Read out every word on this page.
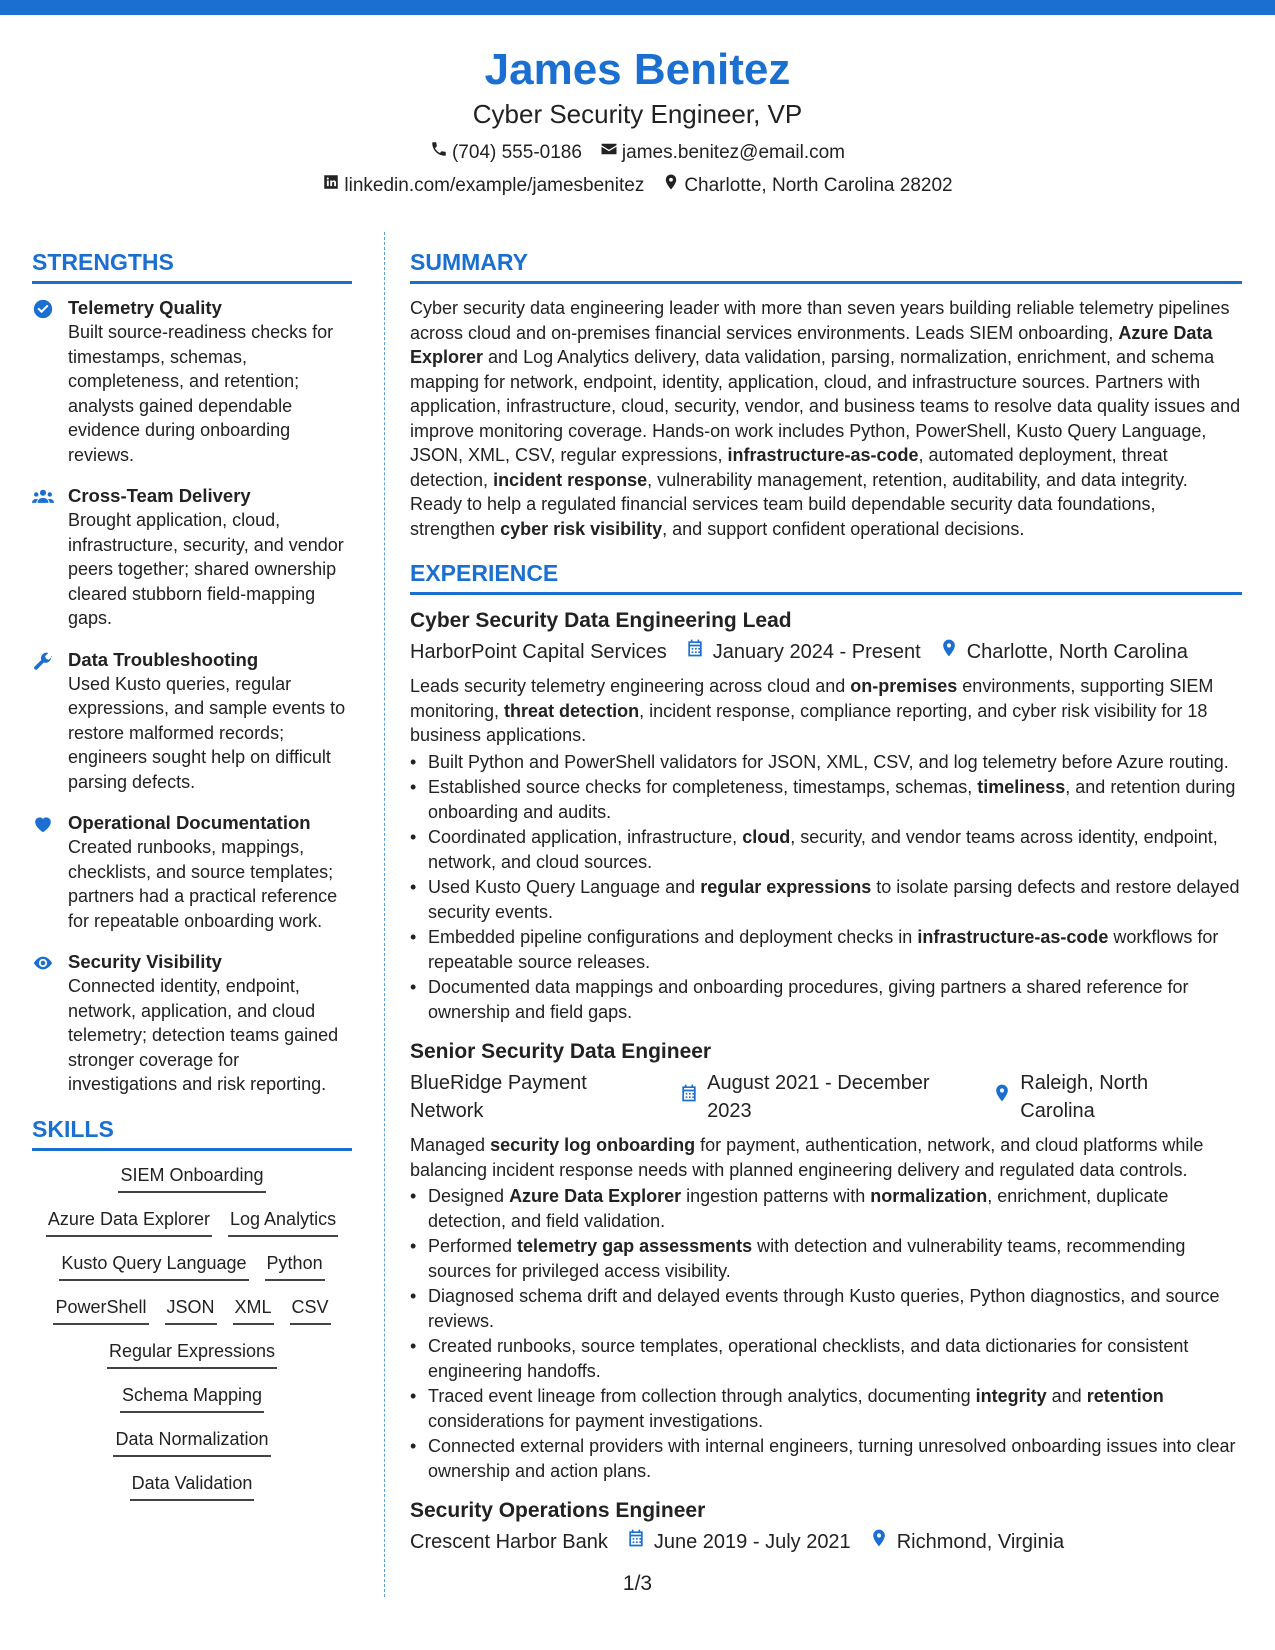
James Benitez
Cyber Security Engineer, VP
(704) 555-0186 james.benitez@email.com
linkedin.com/example/jamesbenitez Charlotte, North Carolina 28202
STRENGTHS
Telemetry Quality
Built source-readiness checks for timestamps, schemas, completeness, and retention; analysts gained dependable evidence during onboarding reviews.
Cross-Team Delivery
Brought application, cloud, infrastructure, security, and vendor peers together; shared ownership cleared stubborn field-mapping gaps.
Data Troubleshooting
Used Kusto queries, regular expressions, and sample events to restore malformed records; engineers sought help on difficult parsing defects.
Operational Documentation
Created runbooks, mappings, checklists, and source templates; partners had a practical reference for repeatable onboarding work.
Security Visibility
Connected identity, endpoint, network, application, and cloud telemetry; detection teams gained stronger coverage for investigations and risk reporting.
SKILLS
SIEM Onboarding
Azure Data Explorer Log Analytics
Kusto Query Language Python
PowerShell JSON XML CSV
Regular Expressions
Schema Mapping
Data Normalization
Data Validation
SUMMARY
Cyber security data engineering leader with more than seven years building reliable telemetry pipelines across cloud and on-premises financial services environments. Leads SIEM onboarding, Azure Data Explorer and Log Analytics delivery, data validation, parsing, normalization, enrichment, and schema mapping for network, endpoint, identity, application, cloud, and infrastructure sources. Partners with application, infrastructure, cloud, security, vendor, and business teams to resolve data quality issues and improve monitoring coverage. Hands-on work includes Python, PowerShell, Kusto Query Language, JSON, XML, CSV, regular expressions, infrastructure-as-code, automated deployment, threat detection, incident response, vulnerability management, retention, auditability, and data integrity. Ready to help a regulated financial services team build dependable security data foundations, strengthen cyber risk visibility, and support confident operational decisions.
EXPERIENCE
Cyber Security Data Engineering Lead
HarborPoint Capital Services January 2024 - Present Charlotte, North Carolina
Leads security telemetry engineering across cloud and on-premises environments, supporting SIEM monitoring, threat detection, incident response, compliance reporting, and cyber risk visibility for 18 business applications.
• Built Python and PowerShell validators for JSON, XML, CSV, and log telemetry before Azure routing.
• Established source checks for completeness, timestamps, schemas, timeliness, and retention during onboarding and audits.
• Coordinated application, infrastructure, cloud, security, and vendor teams across identity, endpoint, network, and cloud sources.
• Used Kusto Query Language and regular expressions to isolate parsing defects and restore delayed security events.
• Embedded pipeline configurations and deployment checks in infrastructure-as-code workflows for repeatable source releases.
• Documented data mappings and onboarding procedures, giving partners a shared reference for ownership and field gaps.
Senior Security Data Engineer
BlueRidge Payment Network
August 2021 - December 2023
Raleigh, North Carolina
Managed security log onboarding for payment, authentication, network, and cloud platforms while balancing incident response needs with planned engineering delivery and regulated data controls.
• Designed Azure Data Explorer ingestion patterns with normalization, enrichment, duplicate detection, and field validation.
• Performed telemetry gap assessments with detection and vulnerability teams, recommending sources for privileged access visibility.
• Diagnosed schema drift and delayed events through Kusto queries, Python diagnostics, and source reviews.
• Created runbooks, source templates, operational checklists, and data dictionaries for consistent engineering handoffs.
• Traced event lineage from collection through analytics, documenting integrity and retention considerations for payment investigations.
• Connected external providers with internal engineers, turning unresolved onboarding issues into clear ownership and action plans.
Security Operations Engineer
Crescent Harbor Bank June 2019 - July 2021 Richmond, Virginia
1/3
